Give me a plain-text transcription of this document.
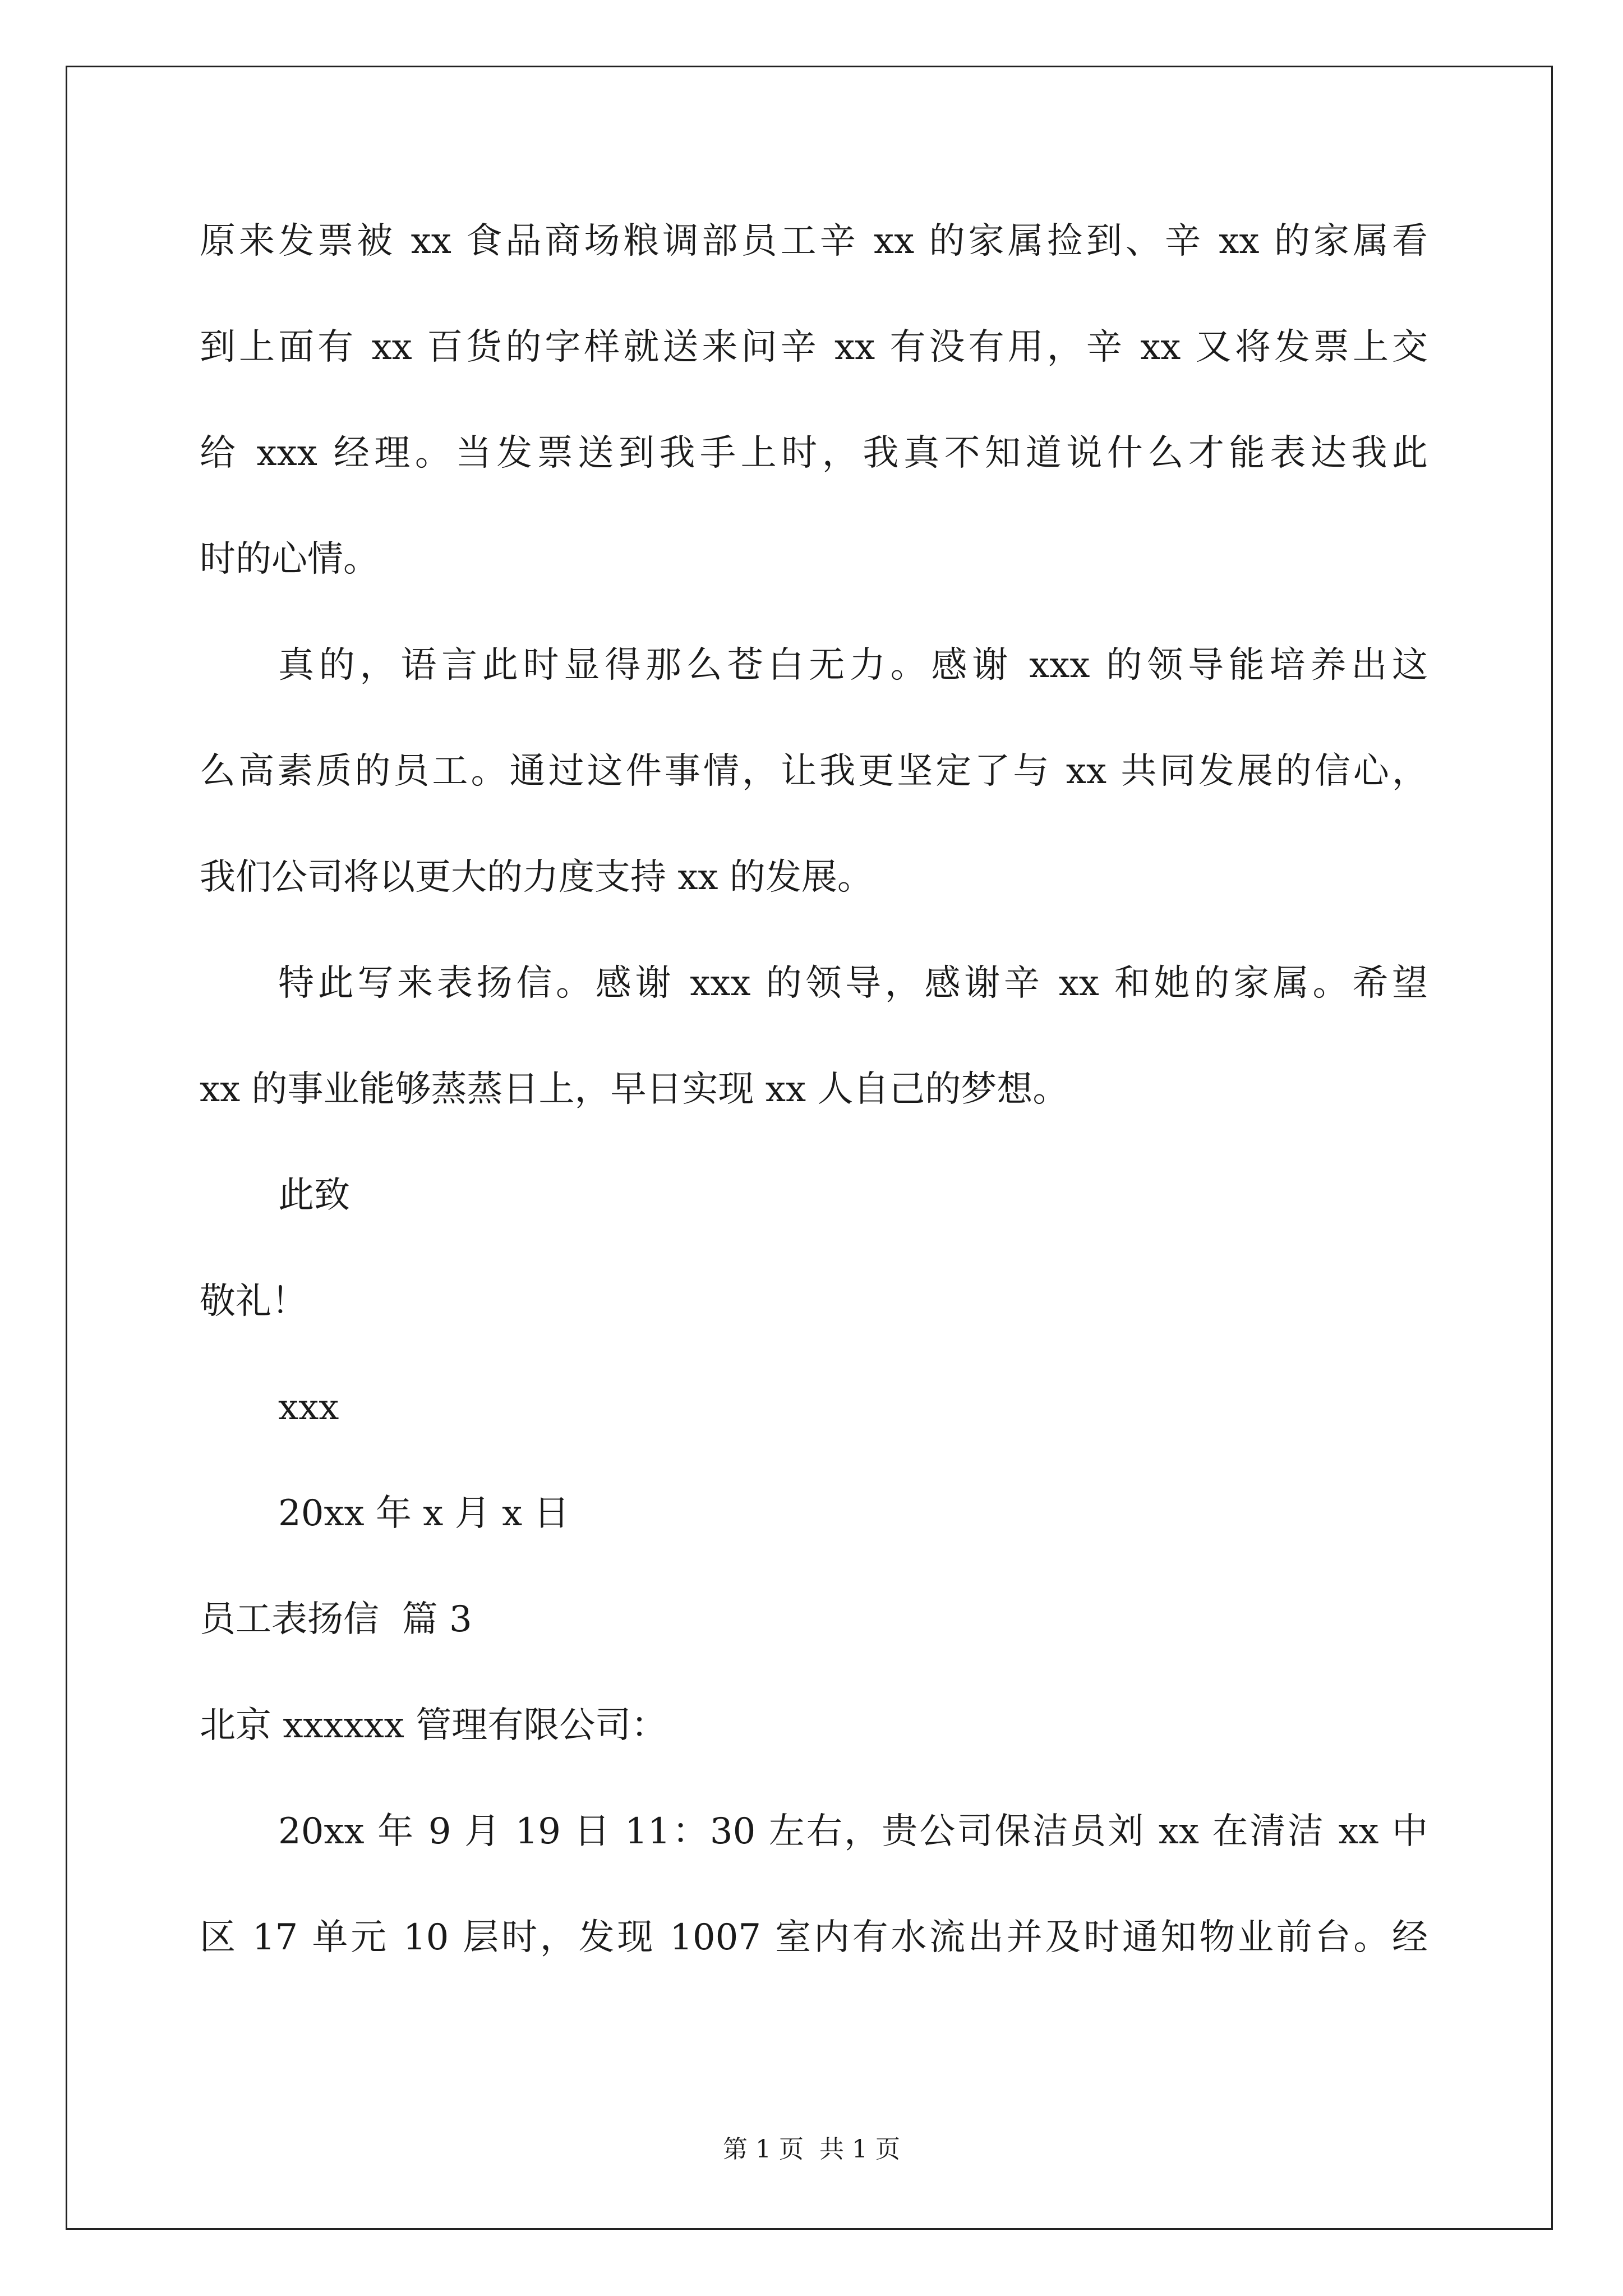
原来发票被 xx 食品商场粮调部员工辛 xx 的家属捡到、辛 xx 的家属看
到上面有 xx 百货的字样就送来问辛 xx 有没有用，辛 xx 又将发票上交
给 xxx 经理。当发票送到我手上时，我真不知道说什么才能表达我此
时的心情。
真的，语言此时显得那么苍白无力。感谢 xxx 的领导能培养出这
么高素质的员工。通过这件事情，让我更坚定了与 xx 共同发展的信心，
我们公司将以更大的力度支持 xx 的发展。
特此写来表扬信。感谢 xxx 的领导，感谢辛 xx 和她的家属。希望
xx 的事业能够蒸蒸日上，早日实现 xx 人自己的梦想。
此致
敬礼！
xxx
20xx 年 x 月 x 日
员工表扬信  篇 3
北京 xxxxxx 管理有限公司：
20xx 年 9 月 19 日 11：30 左右，贵公司保洁员刘 xx 在清洁 xx 中
区 17 单元 10 层时，发现 1007 室内有水流出并及时通知物业前台。经
第 1 页  共 1 页
